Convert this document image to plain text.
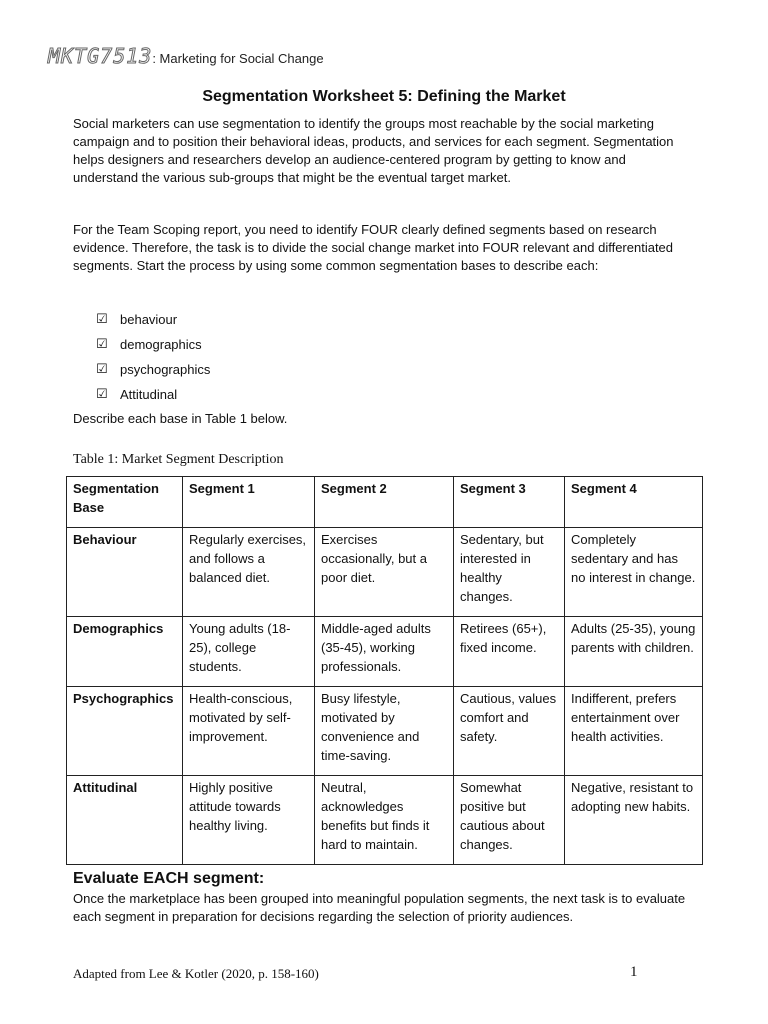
MKTG7513 : Marketing for Social Change
Segmentation Worksheet 5: Defining the Market

Social marketers can use segmentation to identify the groups most reachable by the social marketing campaign and to position their behavioral ideas, products, and services for each segment. Segmentation helps designers and researchers develop an audience-centered program by getting to know and understand the various sub-groups that might be the eventual target market.

For the Team Scoping report, you need to identify FOUR clearly defined segments based on research evidence. Therefore, the task is to divide the social change market into FOUR relevant and differentiated segments. Start the process by using some common segmentation bases to describe each:

☑ behaviour
☑ demographics
☑ psychographics
☑ Attitudinal

Describe each base in Table 1 below.

Table 1: Market Segment Description

Segmentation Base	Segment 1	Segment 2	Segment 3	Segment 4

Behaviour	Regularly exercises, and follows a balanced diet.	Exercises occasionally, but a poor diet.	Sedentary, but interested in healthy changes.	Completely sedentary and has no interest in change.

Demographics	Young adults (18-25), college students.	Middle-aged adults (35-45), working professionals.	Retirees (65+), fixed income.	Adults (25-35), young parents with children.

Psychographics	Health-conscious, motivated by self-improvement.	Busy lifestyle, motivated by convenience and time-saving.	Cautious, values comfort and safety.	Indifferent, prefers entertainment over health activities.

Attitudinal	Highly positive attitude towards healthy living.	Neutral, acknowledges benefits but finds it hard to maintain.	Somewhat positive but cautious about changes.	Negative, resistant to adopting new habits.
Evaluate EACH segment:

Once the marketplace has been grouped into meaningful population segments, the next task is to evaluate each segment in preparation for decisions regarding the selection of priority audiences.

Adapted from Lee & Kotler (2020, p. 158-160)	1
